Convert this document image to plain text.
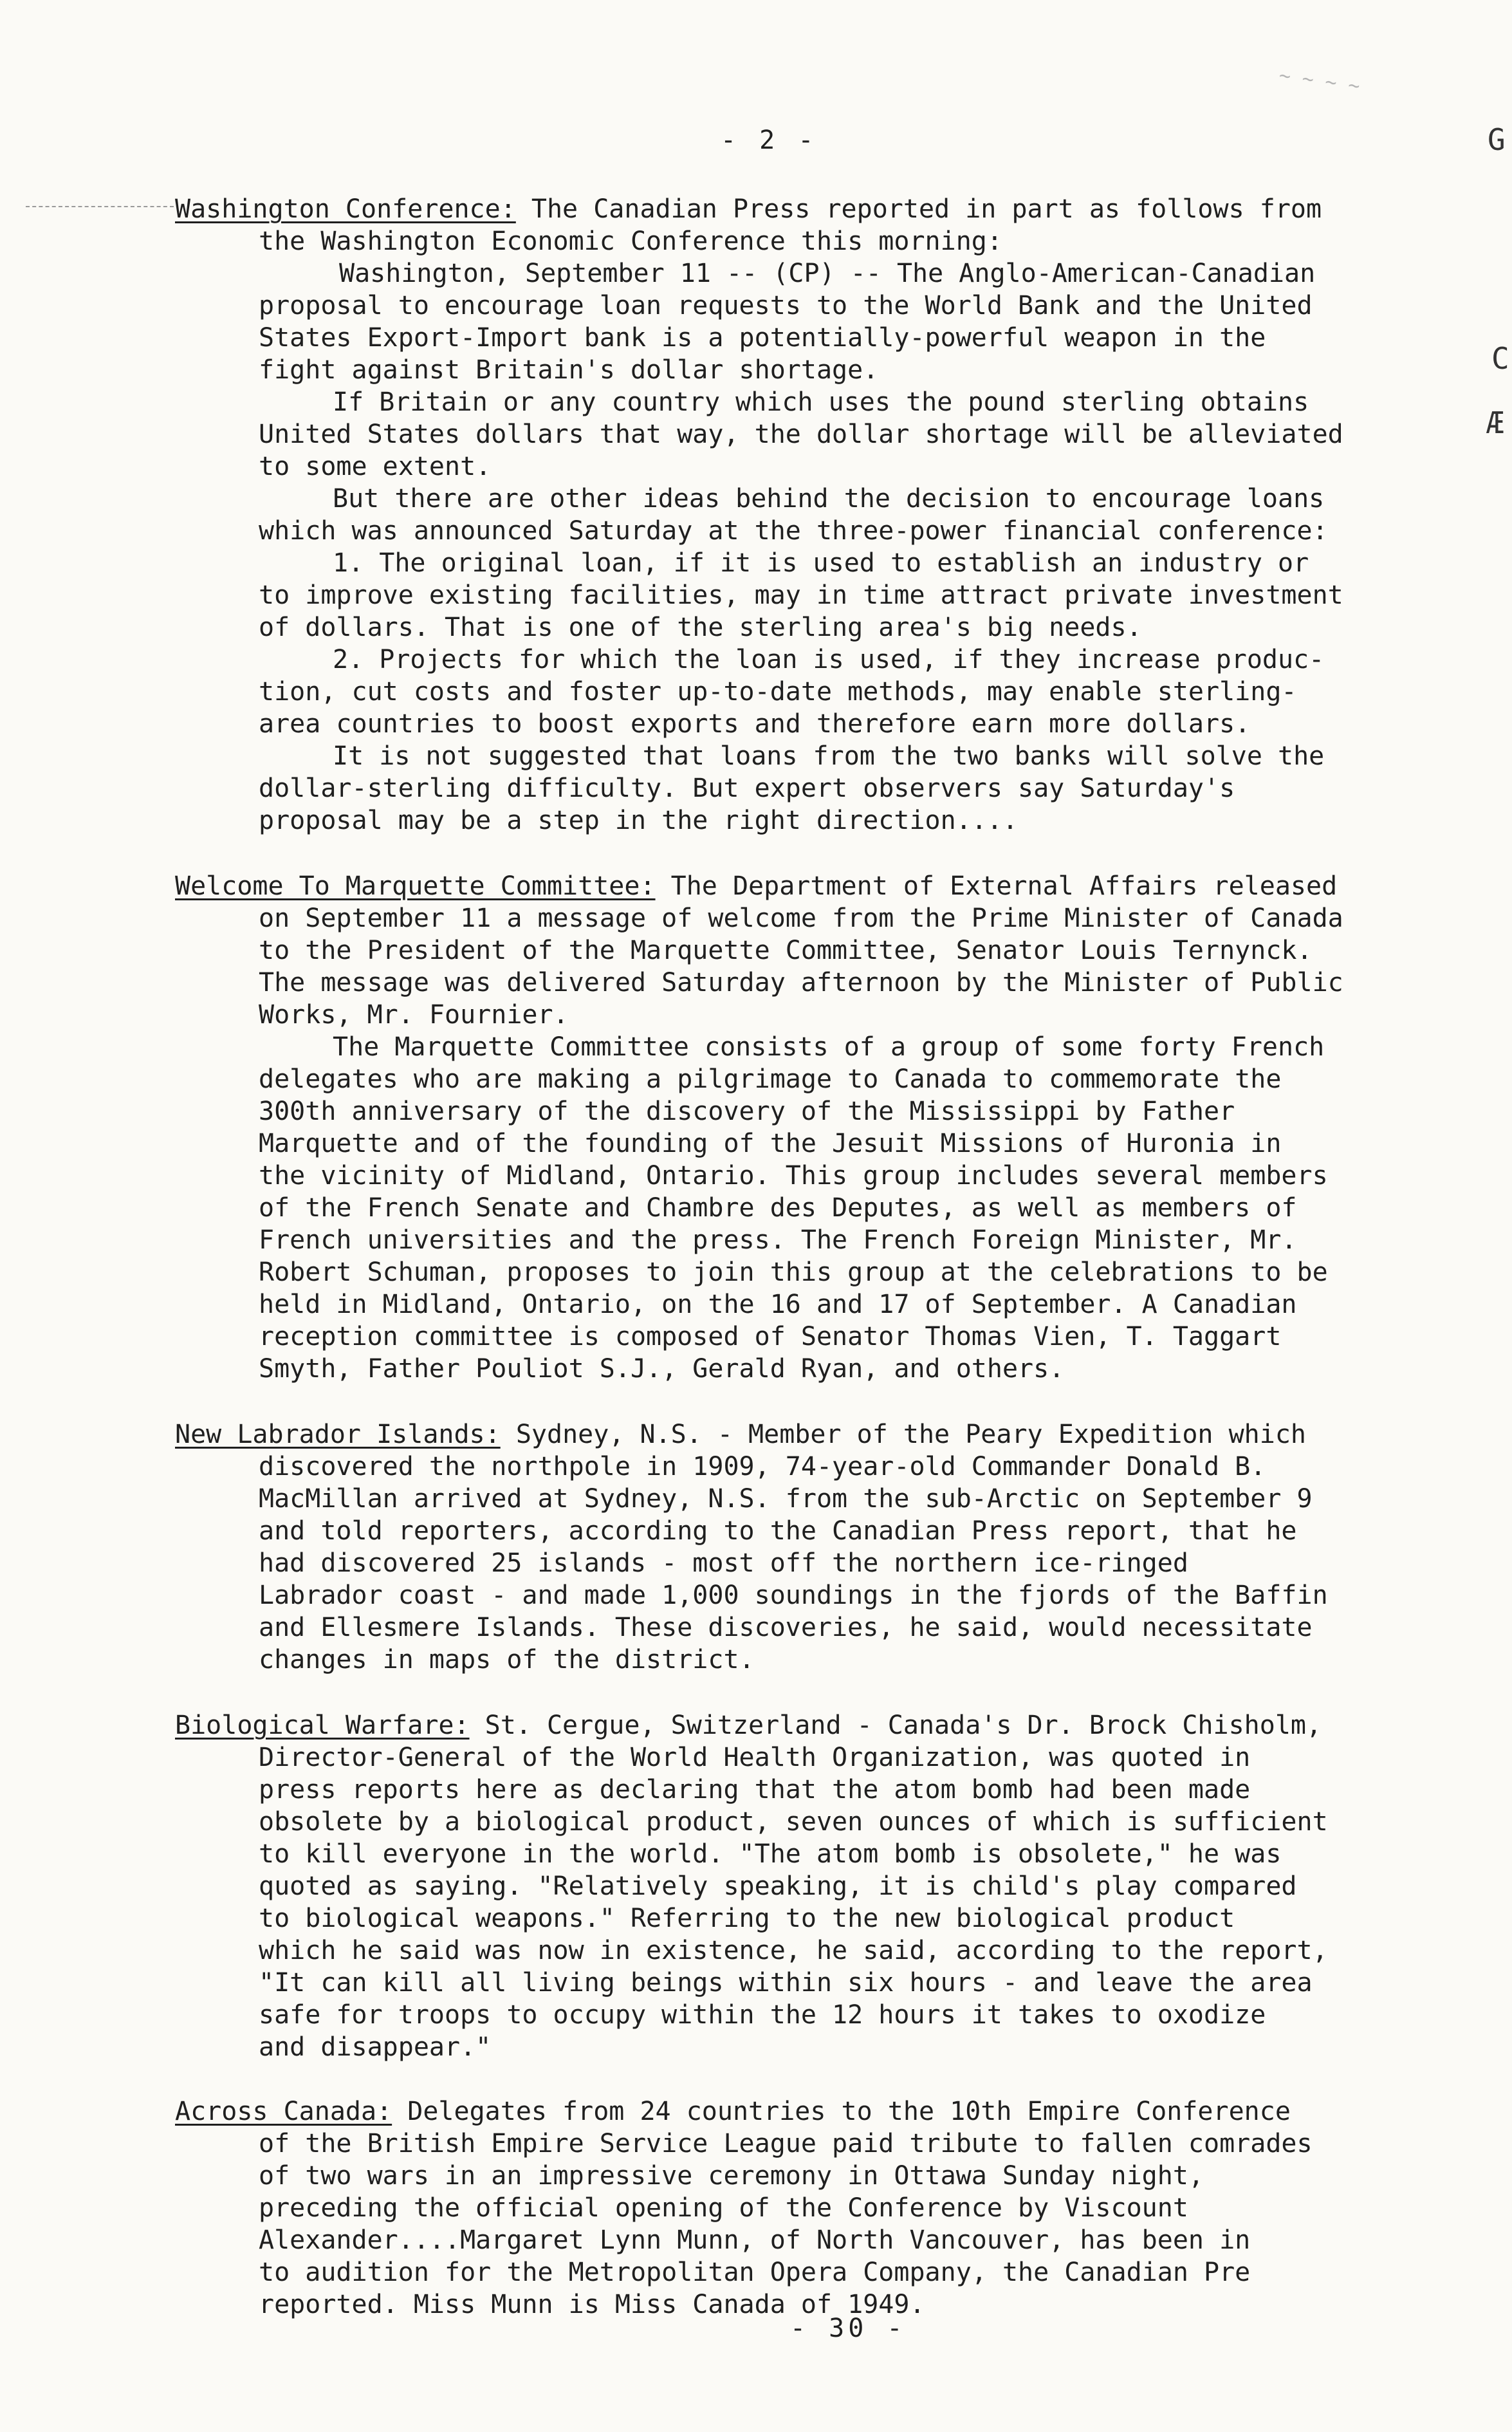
- 2 -
~ ~ ~ ~
G
C
Æ
Washington Conference: The Canadian Press reported in part as follows from
the Washington Economic Conference this morning:
Washington, September 11 -- (CP) -- The Anglo-American-Canadian
proposal to encourage loan requests to the World Bank and the United
States Export-Import bank is a potentially-powerful weapon in the
fight against Britain's dollar shortage.
If Britain or any country which uses the pound sterling obtains
United States dollars that way, the dollar shortage will be alleviated
to some extent.
But there are other ideas behind the decision to encourage loans
which was announced Saturday at the three-power financial conference:
1. The original loan, if it is used to establish an industry or
to improve existing facilities, may in time attract private investment
of dollars. That is one of the sterling area's big needs.
2. Projects for which the loan is used, if they increase produc-
tion, cut costs and foster up-to-date methods, may enable sterling-
area countries to boost exports and therefore earn more dollars.
It is not suggested that loans from the two banks will solve the
dollar-sterling difficulty. But expert observers say Saturday's
proposal may be a step in the right direction....
Welcome To Marquette Committee: The Department of External Affairs released
on September 11 a message of welcome from the Prime Minister of Canada
to the President of the Marquette Committee, Senator Louis Ternynck.
The message was delivered Saturday afternoon by the Minister of Public
Works, Mr. Fournier.
The Marquette Committee consists of a group of some forty French
delegates who are making a pilgrimage to Canada to commemorate the
300th anniversary of the discovery of the Mississippi by Father
Marquette and of the founding of the Jesuit Missions of Huronia in
the vicinity of Midland, Ontario. This group includes several members
of the French Senate and Chambre des Deputes, as well as members of
French universities and the press. The French Foreign Minister, Mr.
Robert Schuman, proposes to join this group at the celebrations to be
held in Midland, Ontario, on the 16 and 17 of September. A Canadian
reception committee is composed of Senator Thomas Vien, T. Taggart
Smyth, Father Pouliot S.J., Gerald Ryan, and others.
New Labrador Islands: Sydney, N.S. - Member of the Peary Expedition which
discovered the northpole in 1909, 74-year-old Commander Donald B.
MacMillan arrived at Sydney, N.S. from the sub-Arctic on September 9
and told reporters, according to the Canadian Press report, that he
had discovered 25 islands - most off the northern ice-ringed
Labrador coast - and made 1,000 soundings in the fjords of the Baffin
and Ellesmere Islands. These discoveries, he said, would necessitate
changes in maps of the district.
Biological Warfare: St. Cergue, Switzerland - Canada's Dr. Brock Chisholm,
Director-General of the World Health Organization, was quoted in
press reports here as declaring that the atom bomb had been made
obsolete by a biological product, seven ounces of which is sufficient
to kill everyone in the world. "The atom bomb is obsolete," he was
quoted as saying. "Relatively speaking, it is child's play compared
to biological weapons." Referring to the new biological product
which he said was now in existence, he said, according to the report,
"It can kill all living beings within six hours - and leave the area
safe for troops to occupy within the 12 hours it takes to oxodize
and disappear."
Across Canada: Delegates from 24 countries to the 10th Empire Conference
of the British Empire Service League paid tribute to fallen comrades
of two wars in an impressive ceremony in Ottawa Sunday night,
preceding the official opening of the Conference by Viscount
Alexander....Margaret Lynn Munn, of North Vancouver, has been in
to audition for the Metropolitan Opera Company, the Canadian Pre
reported. Miss Munn is Miss Canada of 1949.
- 30 -
